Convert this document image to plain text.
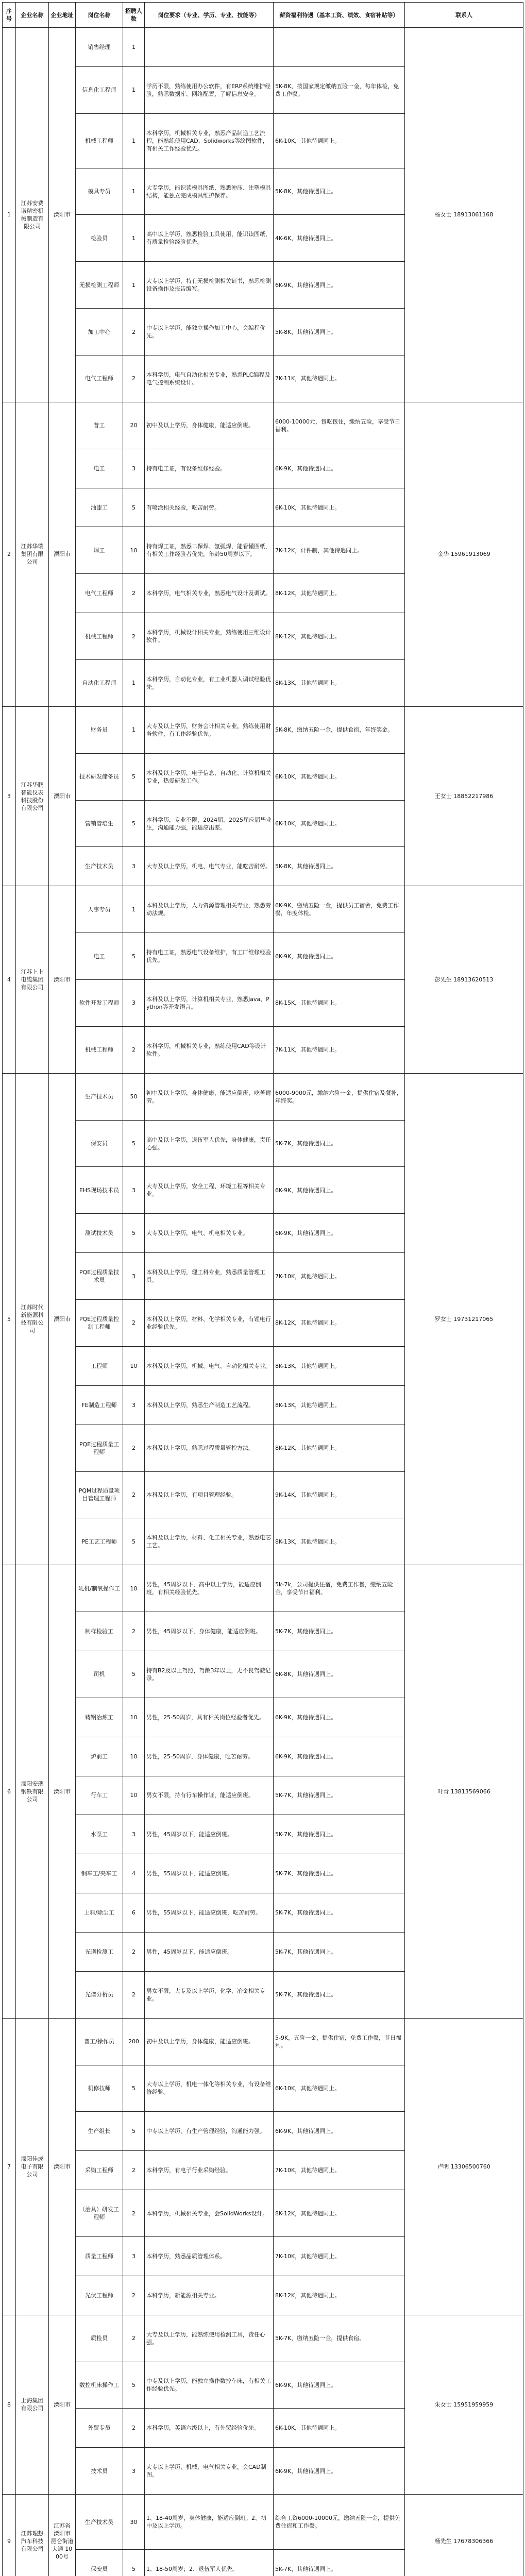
序号	企业名称	企业地址	岗位名称	招聘人数	岗位要求（专业、学历、专业、技能等）	薪资福利待遇（基本工资、绩效、食宿补贴等）	联系人
1	江苏安费 诺精密机 械制造有 限公司	溧阳市	销售经理	1			杨女士 18913061168
			信息化工程师	1	学历不限，熟练使用办公软件，有ERP系统维护经验，熟悉数据库、网络配置，了解信息安全。	5K-8K，按国家规定缴纳五险一金，每年体检，免费工作餐。	
			机械工程师	1	本科学历，机械相关专业，熟悉产品制造工艺流程，能熟练使用CAD、Solidworks等绘图软件，有相关工作经验优先。	6K-10K，其他待遇同上。	
			模具专员	1	大专学历，能识读模具图纸，熟悉冲压、注塑模具结构，能独立完成模具维护保养。	5K-8K，其他待遇同上。	
			检验员	1	高中以上学历，熟悉检验工具使用，能识读图纸，有质量检验经验优先。	4K-6K，其他待遇同上。	
			无损检测工程师	1	大专以上学历，持有无损检测相关证书，熟悉检测设备操作及报告编写。	6K-9K，其他待遇同上。	
			加工中心	2	中专以上学历，能独立操作加工中心，会编程优先。	5K-8K，其他待遇同上。	
			电气工程师	2	本科学历，电气自动化相关专业，熟悉PLC编程及电气控制系统设计。	7K-11K，其他待遇同上。	
2	江苏华瑞 集团有限 公司	溧阳市	普工	20	初中及以上学历，身体健康，能适应倒班。	6000-10000元，包吃包住，缴纳五险，享受节日福利。	金华 15961913069
			电工	3	持有电工证，有设备维修经验。	6K-9K，其他待遇同上。	
			油漆工	5	有喷涂相关经验，吃苦耐劳。	6K-10K，其他待遇同上。	
			焊工	10	持有焊工证，熟悉二保焊、氩弧焊，能看懂图纸，有相关工作经验者优先，年龄50周岁以下。	7K-12K，计件制，其他待遇同上。	
			电气工程师	2	本科学历，电气相关专业，熟悉电气设计及调试。	8K-12K，其他待遇同上。	
			机械工程师	2	本科学历，机械设计相关专业，熟练使用三维设计软件。	8K-12K，其他待遇同上。	
			自动化工程师	1	本科学历，自动化专业，有工业机器人调试经验优先。	8K-13K，其他待遇同上。	
3	江苏华鹏 智能仪表 科技股份 有限公司	溧阳市	财务员	1	大专及以上学历，财务会计相关专业，熟练使用财务软件，有工作经验优先。	5K-8K，缴纳五险一金，提供食宿，年终奖金。	王女士 18852217986
			技术研发储备员	5	本科及以上学历，电子信息、自动化、计算机相关专业，热爱研发工作。	6K-10K，其他待遇同上。	
			营销管培生	5	本科学历，专业不限，2024届、2025届应届毕业生，沟通能力强，能适应出差。	6K-10K，其他待遇同上。	
			生产技术员	3	大专及以上学历，机电、电气专业，能吃苦耐劳。	5K-8K，其他待遇同上。	
4	江苏上上 电缆集团 有限公司	溧阳市	人事专员	1	本科及以上学历，人力资源管理相关专业，熟悉劳动法规。	6K-9K，缴纳五险一金，提供员工宿舍，免费工作餐，年度体检。	彭先生 18913620513
			电工	5	持有电工证，熟悉电气设备维护，有工厂维修经验优先。	6K-9K，其他待遇同上。	
			软件开发工程师	3	本科及以上学历，计算机相关专业，熟悉Java、Python等开发语言。	8K-15K，其他待遇同上。	
			机械工程师	2	本科学历，机械相关专业，熟练使用CAD等设计软件。	7K-11K，其他待遇同上。	
5	江苏时代 新能源科 技有限公 司	溧阳市	生产技术员	50	初中及以上学历，身体健康，能适应倒班，吃苦耐劳。	6000-9000元，缴纳六险一金，提供住宿及餐补，年终奖。	罗女士 19731217065
			保安员	5	高中及以上学历，退伍军人优先，身体健康，责任心强。	5K-7K，其他待遇同上。	
			EHS现场技术员	3	大专及以上学历，安全工程、环境工程等相关专业。	6K-9K，其他待遇同上。	
			测试技术员	5	大专及以上学历，电气、机电相关专业。	6K-9K，其他待遇同上。	
			PQE过程质量技术员	3	本科及以上学历，理工科专业，熟悉质量管理工具。	7K-10K，其他待遇同上。	
			PQE过程质量控制工程师	2	本科及以上学历，材料、化学相关专业，有锂电行业经验优先。	8K-12K，其他待遇同上。	
			工程师	10	本科及以上学历，机械、电气、自动化相关专业。	8K-13K，其他待遇同上。	
			FE制造工程师	3	本科及以上学历，熟悉生产制造工艺流程。	8K-13K，其他待遇同上。	
			PQE过程质量工程师	2	本科及以上学历，熟悉过程质量管控方法。	8K-12K，其他待遇同上。	
			PQM过程质量项目管理工程师	2	本科及以上学历，有项目管理经验。	9K-14K，其他待遇同上。	
			PE工艺工程师	5	本科及以上学历，材料、化工相关专业，熟悉电芯工艺。	8K-13K，其他待遇同上。	
6	溧阳安瑞 钢铁有限 公司	溧阳市	轧机/制氧操作工	10	男性，45周岁以下，高中以上学历，能适应倒班，有相关经验优先。	5k-7k，公司提供住宿，免费工作餐，缴纳五险一金，享受节日福利。	叶青 13813569066
			制样检验工	2	男性，45周岁以下，身体健康，能适应倒班。	5K-7K，其他待遇同上。	
			司机	5	持有B2及以上驾照，驾龄3年以上，无不良驾驶记录。	6K-8K，其他待遇同上。	
			铸钢冶炼工	10	男性，25-50周岁，具有相关岗位经验者优先。	6K-9K，其他待遇同上。	
			炉前工	10	男性，25-50周岁，身体健康，吃苦耐劳。	6K-9K，其他待遇同上。	
			行车工	10	男女不限，持有行车操作证，能适应倒班。	5K-7K，其他待遇同上。	
			水泵工	3	男性，45周岁以下，能适应倒班。	5K-7K，其他待遇同上。	
			钢车工/夹车工	4	男性，55周岁以下，能适应倒班。	5K-7K，其他待遇同上。	
			上料/除尘工	6	男性，55周岁以下，能适应倒班，吃苦耐劳。	5K-7K，其他待遇同上。	
			光谱检测工	2	男性，45周岁以下，能适应倒班。	5K-7K，其他待遇同上。	
			光谱分析员	2	男女不限，大专及以上学历，化学、冶金相关专业。	5K-7K，其他待遇同上。	
7	溧阳佳成 电子有限 公司	溧阳市	普工/操作员	200	初中及以上学历，身体健康，能适应倒班。	5-9K，五险一金，提供住宿，免费工作餐，节日福利。	卢明 13306500760
			机修技师	5	大专以上学历，机电一体化等相关专业，有设备维修经验。	6K-10K，其他待遇同上。	
			生产组长	5	中专以上学历，有生产管理经验，沟通能力强。	6K-9K，其他待遇同上。	
			采购工程师	2	本科学历，有电子行业采购经验。	7K-10K，其他待遇同上。	
			（治具）研发工程师	2	本科学历，机械相关专业，会SolidWorks设计。	8K-12K，其他待遇同上。	
			质量工程师	3	本科学历，熟悉品质管理体系。	7K-10K，其他待遇同上。	
			光伏工程师	2	本科学历，新能源相关专业。	8K-12K，其他待遇同上。	
8	上海集团 有限公司	溧阳市	质检员	2	大专及以上学历，能熟练使用检测工具，责任心强。	5K-7K，缴纳五险一金，提供食宿。	朱女士 15951959959
			数控机床操作工	5	中专及以上学历，能独立操作数控车床，有相关工作经验优先。	6K-9K，其他待遇同上。	
			外贸专员	2	本科学历，英语六级以上，有外贸经验优先。	6K-10K，其他待遇同上。	
			技术员	3	大专以上学历，机械、电气相关专业，会CAD制图。	6K-9K，其他待遇同上。	
9	江苏理想 汽车科技 有限公司	江苏省 溧阳市 昆仑街道 大通 1000号	生产技术员	30	1、18-40周岁，身体健康，能适应倒班；2、初中及以上学历。	综合工资6000-10000元，缴纳五险一金，提供免费住宿和工作餐。	杨先生 17678306366
			保安员	5	1、18-50周岁；2、退伍军人优先。	5K-7K，其他待遇同上。	
